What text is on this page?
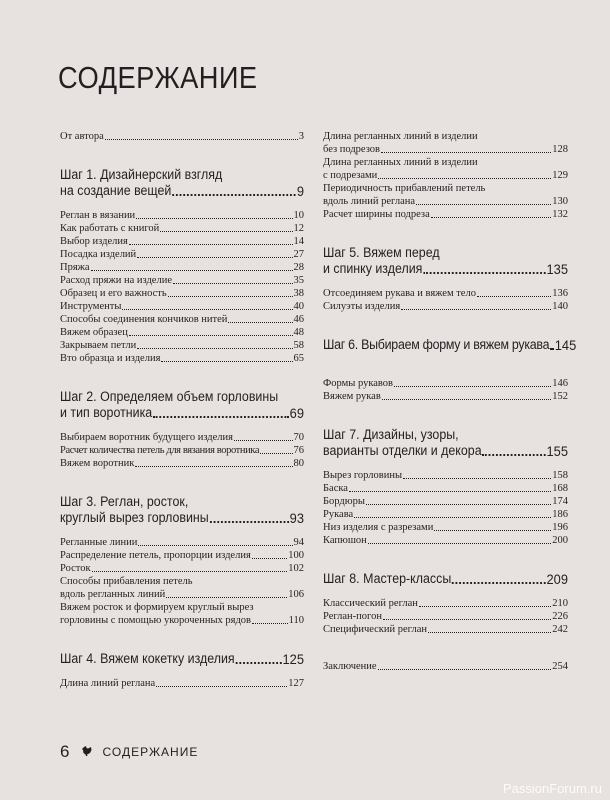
СОДЕРЖАНИЕ
От автора	3
Шаг 1. Дизайнерский взгляд
на создание вещей	9
Реглан в вязании	10
Как работать с книгой	12
Выбор изделия	14
Посадка изделий	27
Пряжа	28
Расход пряжи на изделие	35
Образец и его важность	38
Инструменты	40
Способы соединения кончиков нитей	46
Вяжем образец	48
Закрываем петли	58
Вто образца и изделия	65
Шаг 2. Определяем объем горловины
и тип воротника	69
Выбираем воротник будущего изделия	70
Расчет количества петель для вязания воротника	76
Вяжем воротник	80
Шаг 3. Реглан, росток,
круглый вырез горловины	93
Регланные линии	94
Распределение петель, пропорции изделия	100
Росток	102
Способы прибавления петель
вдоль регланных линий	106
Вяжем росток и формируем круглый вырез
горловины с помощью укороченных рядов	110
Шаг 4. Вяжем кокетку изделия	125
Длина линий реглана	127
Длина регланных линий в изделии
без подрезов	128
Длина регланных линий в изделии
с подрезами	129
Периодичность прибавлений петель
вдоль линий реглана	130
Расчет ширины подреза	132
Шаг 5. Вяжем перед
и спинку изделия	135
Отсоединяем рукава и вяжем тело	136
Силуэты изделия	140
Шаг 6. Выбираем форму и вяжем рукава 145
Формы рукавов	146
Вяжем рукав	152
Шаг 7. Дизайны, узоры,
варианты отделки и декора	155
Вырез горловины	158
Баска	168
Бордюры	174
Рукава	186
Низ изделия с разрезами	196
Капюшон	200
Шаг 8. Мастер-классы	209
Классический реглан	210
Реглан-погон	226
Специфический реглан	242
Заключение	254
6	СОДЕРЖАНИЕ
PassionForum.ru
